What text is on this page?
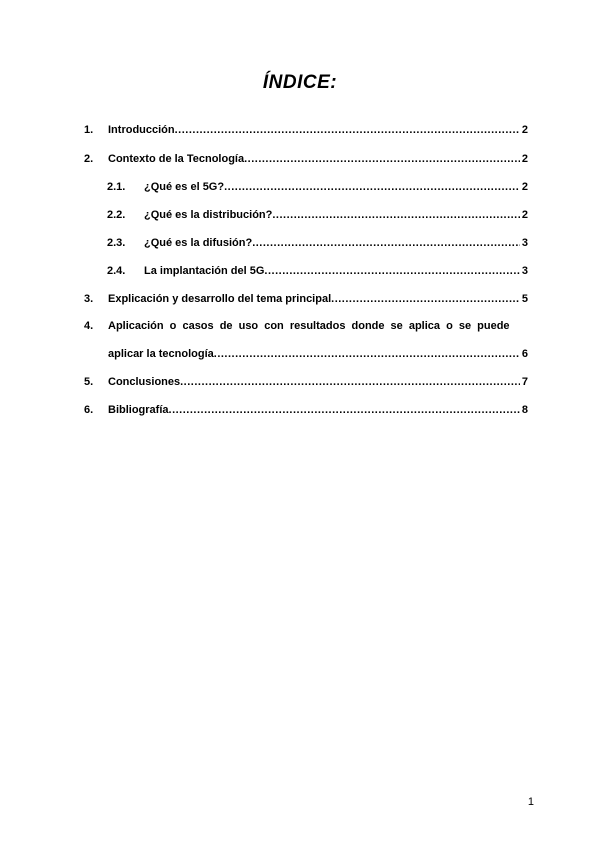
ÍNDICE:
1.	Introducción .....	2
2.	Contexto de la Tecnología .....	2
2.1.	¿Qué es el 5G? .....	2
2.2.	¿Qué es la distribución? .....	2
2.3.	¿Qué es la difusión? .....	3
2.4.	La implantación del 5G .....	3
3.	Explicación y desarrollo del tema principal .....	5
4.	Aplicación o casos de uso con resultados donde se aplica o se puede
aplicar la tecnología .....	6
5.	Conclusiones .....	7
6.	Bibliografía .....	8
1
